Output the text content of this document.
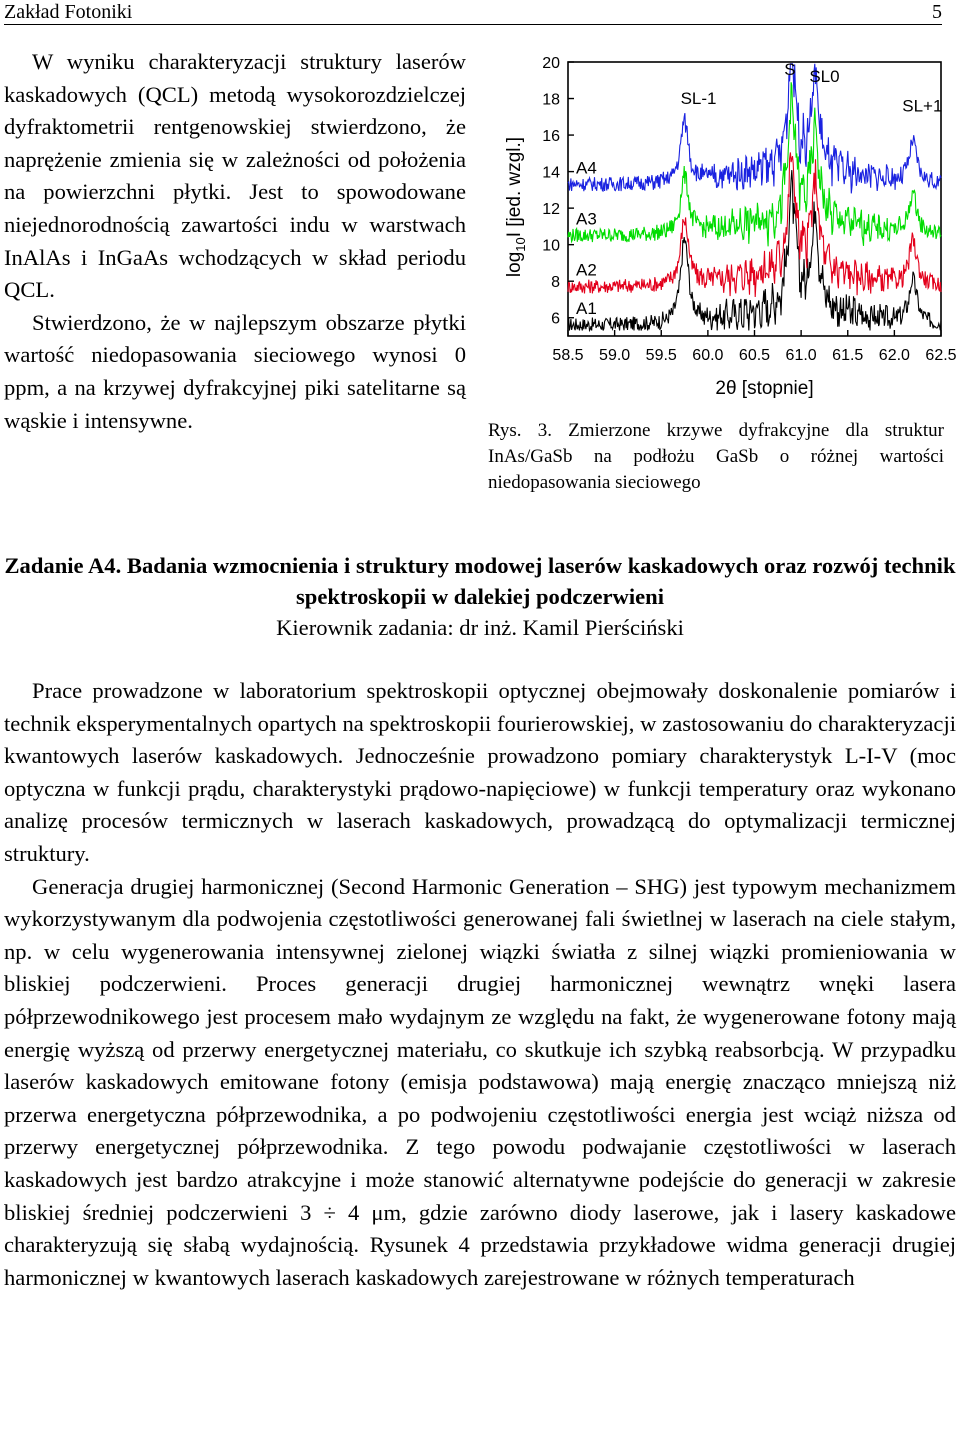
Zakład Fotoniki	5

W wyniku charakteryzacji struktury laserów kaskadowych (QCL) metodą wysokorozdzielczej dyfraktometrii rentgenowskiej stwierdzono, że naprężenie zmienia się w zależności od położenia na powierzchni płytki. Jest to spowodowane niejednorodnością zawartości indu w warstwach InAlAs i InGaAs wchodzących w skład periodu QCL.

Stwierdzono, że w najlepszym obszarze płytki wartość niedopasowania sieciowego wynosi 0 ppm, a na krzywej dyfrakcyjnej piki satelitarne są wąskie i intensywne.

6
8
10
12
14
16
18
20
58.5 59.0 59.5 60.0 60.5 61.0 61.5 62.0 62.5
2θ [stopnie]
$\log_{10}I$ [jed. wzgl.]
A1
A2
A3
A4
S SL0
SL-1	SL+1
Rys. 3. Zmierzone krzywe dyfrakcyjne dla struktur InAs/GaSb na podłożu GaSb o różnej wartości niedopasowania sieciowego
Zadanie A4. Badania wzmocnienia i struktury modowej laserów kaskadowych oraz rozwój technik spektroskopii w dalekiej podczerwieni
Kierownik zadania: dr inż. Kamil Pierściński

Prace prowadzone w laboratorium spektroskopii optycznej obejmowały doskonalenie pomiarów i technik eksperymentalnych opartych na spektroskopii fourierowskiej, w zastosowaniu do charakteryzacji kwantowych laserów kaskadowych. Jednocześnie prowadzono pomiary charakterystyk L-I-V (moc optyczna w funkcji prądu, charakterystyki prądowo-napięciowe) w funkcji temperatury oraz wykonano analizę procesów termicznych w laserach kaskadowych, prowadzącą do optymalizacji termicznej struktury.

Generacja drugiej harmonicznej (Second Harmonic Generation – SHG) jest typowym mechanizmem wykorzystywanym dla podwojenia częstotliwości generowanej fali świetlnej w laserach na ciele stałym, np. w celu wygenerowania intensywnej zielonej wiązki światła z silnej wiązki promieniowania w bliskiej podczerwieni. Proces generacji drugiej harmonicznej wewnątrz wnęki lasera półprzewodnikowego jest procesem mało wydajnym ze względu na fakt, że wygenerowane fotony mają energię wyższą od przerwy energetycznej materiału, co skutkuje ich szybką reabsorbcją. W przypadku laserów kaskadowych emitowane fotony (emisja podstawowa) mają energię znacząco mniejszą niż przerwa energetyczna półprzewodnika, a po podwojeniu częstotliwości energia jest wciąż niższa od przerwy energetycznej półprzewodnika. Z tego powodu podwajanie częstotliwości w laserach kaskadowych jest bardzo atrakcyjne i może stanowić alternatywne podejście do generacji w zakresie bliskiej średniej podczerwieni 3 ÷ 4 μm, gdzie zarówno diody laserowe, jak i lasery kaskadowe charakteryzują się słabą wydajnością. Rysunek 4 przedstawia przykładowe widma generacji drugiej harmonicznej w kwantowych laserach kaskadowych zarejestrowane w różnych temperaturach
